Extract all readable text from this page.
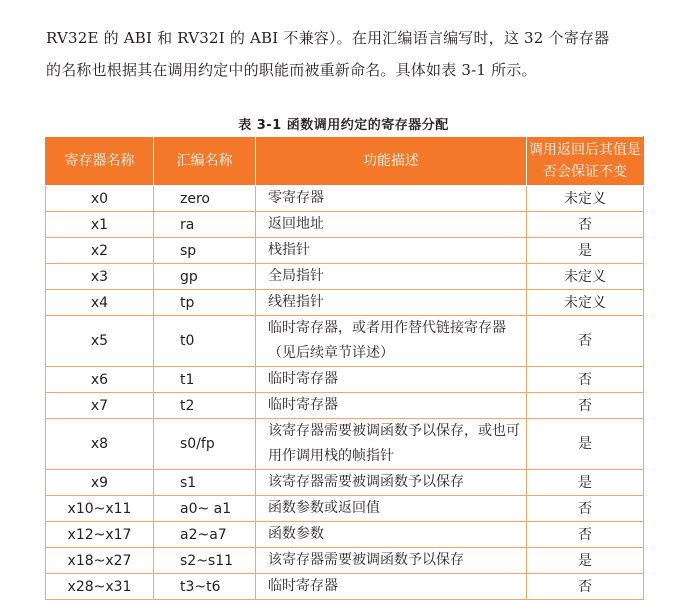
RV32E 的 ABI 和 RV32I 的 ABI 不兼容）。在用汇编语言编写时，这 32 个寄存器
的名称也根据其在调用约定中的职能而被重新命名。具体如表 3-1 所示。

表 3-1 函数调用约定的寄存器分配
寄存器名称	汇编名称	功能描述	调用返回后其值是否会保证不变
x0	zero	零寄存器	未定义
x1	ra	返回地址	否
x2	sp	栈指针	是
x3	gp	全局指针	未定义
x4	tp	线程指针	未定义
x5	t0	临时寄存器，或者用作替代链接寄存器（见后续章节详述）	否
x6	t1	临时寄存器	否
x7	t2	临时寄存器	否
x8	s0/fp	该寄存器需要被调函数予以保存，或也可用作调用栈的帧指针	是
x9	s1	该寄存器需要被调函数予以保存	是
x10~x11	a0~ a1	函数参数或返回值	否
x12~x17	a2~a7	函数参数	否
x18~x27	s2~s11	该寄存器需要被调函数予以保存	是
x28~x31	t3~t6	临时寄存器	否
